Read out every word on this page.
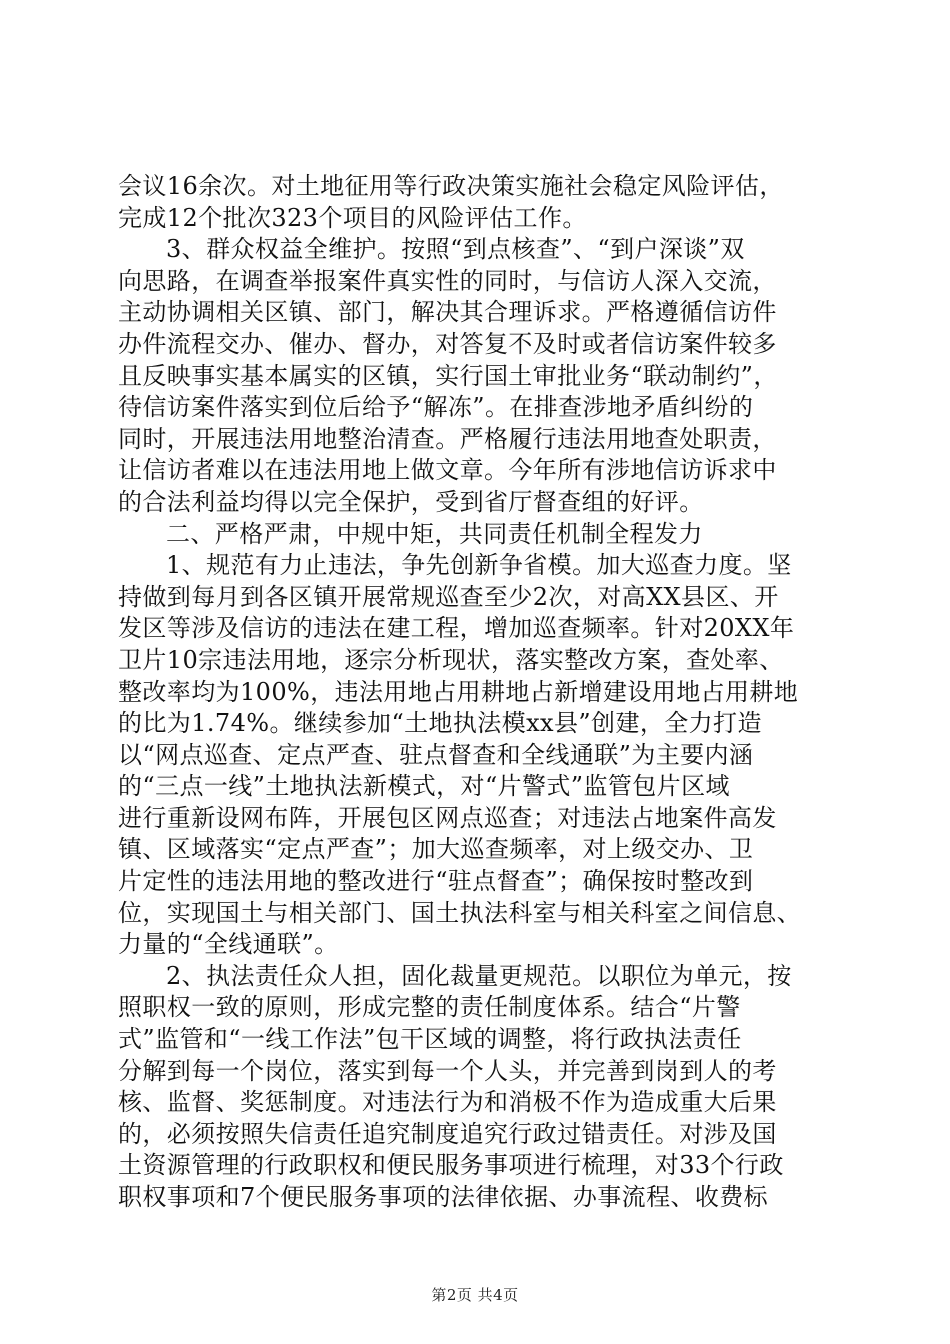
会议16余次。对土地征用等行政决策实施社会稳定风险评估，
完成12个批次323个项目的风险评估工作。
3、群众权益全维护。按照“到点核查”、“到户深谈”双
向思路，在调查举报案件真实性的同时，与信访人深入交流，
主动协调相关区镇、部门，解决其合理诉求。严格遵循信访件
办件流程交办、催办、督办，对答复不及时或者信访案件较多
且反映事实基本属实的区镇，实行国土审批业务“联动制约”，
待信访案件落实到位后给予“解冻”。在排查涉地矛盾纠纷的
同时，开展违法用地整治清查。严格履行违法用地查处职责，
让信访者难以在违法用地上做文章。今年所有涉地信访诉求中
的合法利益均得以完全保护，受到省厅督查组的好评。
二、严格严肃，中规中矩，共同责任机制全程发力
1、规范有力止违法，争先创新争省模。加大巡查力度。坚
持做到每月到各区镇开展常规巡查至少2次，对高XX县区、开
发区等涉及信访的违法在建工程，增加巡查频率。针对20XX年
卫片10宗违法用地，逐宗分析现状，落实整改方案，查处率、
整改率均为100%，违法用地占用耕地占新增建设用地占用耕地
的比为1.74%。继续参加“土地执法模xx县”创建，全力打造
以“网点巡查、定点严查、驻点督查和全线通联”为主要内涵
的“三点一线”土地执法新模式，对“片警式”监管包片区域
进行重新设网布阵，开展包区网点巡查；对违法占地案件高发
镇、区域落实“定点严查”；加大巡查频率，对上级交办、卫
片定性的违法用地的整改进行“驻点督查”；确保按时整改到
位，实现国土与相关部门、国土执法科室与相关科室之间信息、
力量的“全线通联”。
2、执法责任众人担，固化裁量更规范。以职位为单元，按
照职权一致的原则，形成完整的责任制度体系。结合“片警
式”监管和“一线工作法”包干区域的调整，将行政执法责任
分解到每一个岗位，落实到每一个人头，并完善到岗到人的考
核、监督、奖惩制度。对违法行为和消极不作为造成重大后果
的，必须按照失信责任追究制度追究行政过错责任。对涉及国
土资源管理的行政职权和便民服务事项进行梳理，对33个行政
职权事项和7个便民服务事项的法律依据、办事流程、收费标
第2页 共4页
